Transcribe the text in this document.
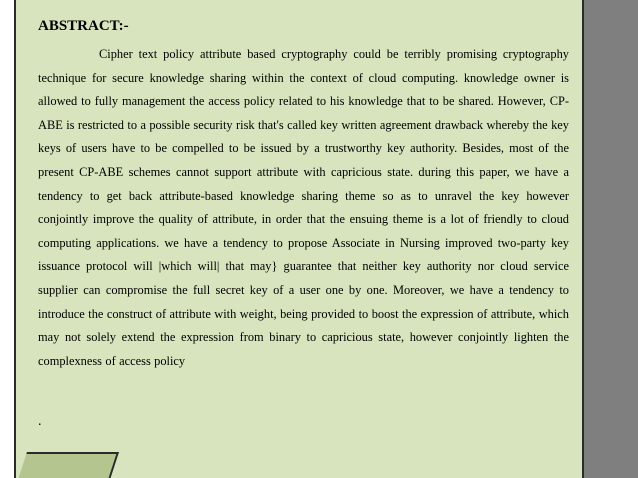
ABSTRACT:-

Cipher text policy attribute based cryptography could be terribly promising cryptography technique for secure knowledge sharing within the context of cloud computing. knowledge owner is allowed to fully management the access policy related to his knowledge that to be shared. However, CP-ABE is restricted to a possible security risk that's called key written agreement drawback whereby the key keys of users have to be compelled to be issued by a trustworthy key authority. Besides, most of the present CP-ABE schemes cannot support attribute with capricious state. during this paper, we have a tendency to get back attribute-based knowledge sharing theme so as to unravel the key however conjointly improve the quality of attribute, in order that the ensuing theme is a lot of friendly to cloud computing applications. we have a tendency to propose Associate in Nursing improved two-party key issuance protocol will |which will| that may} guarantee that neither key authority nor cloud service supplier can compromise the full secret key of a user one by one. Moreover, we have a tendency to introduce the construct of attribute with weight, being provided to boost the expression of attribute, which may not solely extend the expression from binary to capricious state, however conjointly lighten the complexness of access policy

.
